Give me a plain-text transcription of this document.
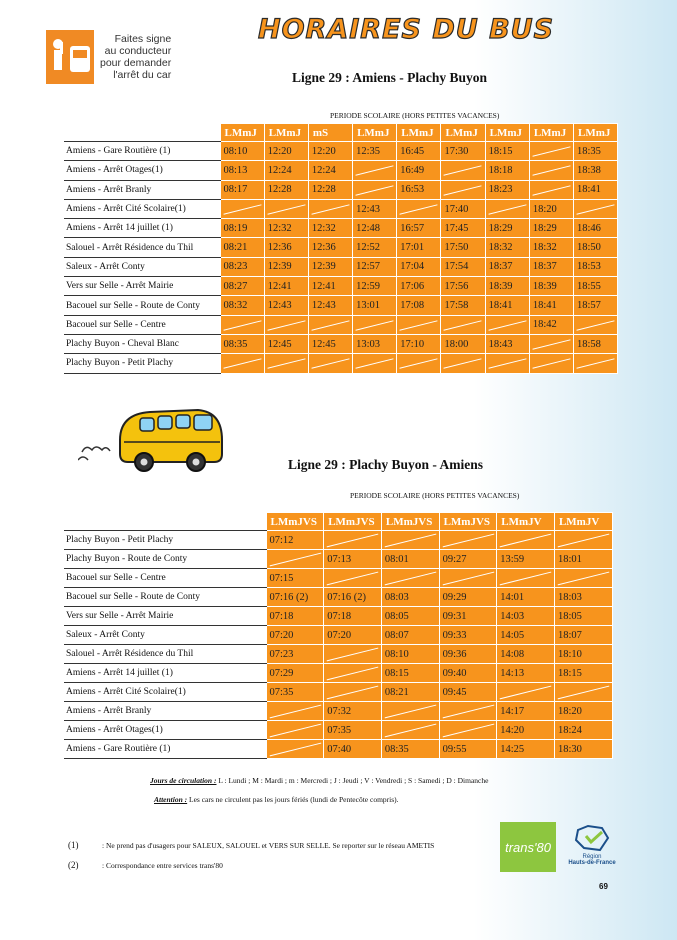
Faites signe
au conducteur
pour demander
l'arrêt du car
HORAIRES DU BUS
Ligne 29 : Amiens - Plachy Buyon
PERIODE SCOLAIRE (HORS PETITES VACANCES)
	LMmJ	LMmJ	mS	LMmJ	LMmJ	LMmJ	LMmJ	LMmJ	LMmJ
Amiens - Gare Routière (1)	08:10	12:20	12:20	12:35	16:45	17:30	18:15		18:35
Amiens - Arrêt Otages(1)	08:13	12:24	12:24		16:49		18:18		18:38
Amiens - Arrêt Branly	08:17	12:28	12:28		16:53		18:23		18:41
Amiens - Arrêt Cité Scolaire(1)				12:43		17:40		18:20	
Amiens - Arrêt 14 juillet (1)	08:19	12:32	12:32	12:48	16:57	17:45	18:29	18:29	18:46
Salouel - Arrêt Résidence du Thil	08:21	12:36	12:36	12:52	17:01	17:50	18:32	18:32	18:50
Saleux - Arrêt Conty	08:23	12:39	12:39	12:57	17:04	17:54	18:37	18:37	18:53
Vers sur Selle - Arrêt Mairie	08:27	12:41	12:41	12:59	17:06	17:56	18:39	18:39	18:55
Bacouel sur Selle - Route de Conty	08:32	12:43	12:43	13:01	17:08	17:58	18:41	18:41	18:57
Bacouel sur Selle - Centre								18:42	
Plachy Buyon - Cheval Blanc	08:35	12:45	12:45	13:03	17:10	18:00	18:43		18:58
Plachy Buyon - Petit Plachy									
Ligne 29 : Plachy Buyon - Amiens
PERIODE SCOLAIRE (HORS PETITES VACANCES)
	LMmJVS	LMmJVS	LMmJVS	LMmJVS	LMmJV	LMmJV
Plachy Buyon - Petit Plachy	07:12					
Plachy Buyon - Route de Conty		07:13	08:01	09:27	13:59	18:01
Bacouel sur Selle - Centre	07:15					
Bacouel sur Selle - Route de Conty	07:16 (2)	07:16 (2)	08:03	09:29	14:01	18:03
Vers sur Selle - Arrêt Mairie	07:18	07:18	08:05	09:31	14:03	18:05
Saleux - Arrêt Conty	07:20	07:20	08:07	09:33	14:05	18:07
Salouel - Arrêt Résidence du Thil	07:23		08:10	09:36	14:08	18:10
Amiens - Arrêt 14 juillet (1)	07:29		08:15	09:40	14:13	18:15
Amiens - Arrêt Cité Scolaire(1)	07:35		08:21	09:45		
Amiens - Arrêt Branly		07:32			14:17	18:20
Amiens - Arrêt Otages(1)		07:35			14:20	18:24
Amiens - Gare Routière (1)		07:40	08:35	09:55	14:25	18:30
Jours de circulation : L : Lundi ; M : Mardi ; m : Mercredi ; J : Jeudi ; V : Vendredi ; S : Samedi ; D : Dimanche
Attention : Les cars ne circulent pas les jours fériés (lundi de Pentecôte compris).
(1)	: Ne prend pas d'usagers pour SALEUX, SALOUEL et VERS SUR SELLE. Se reporter sur le réseau AMETIS
(2)	: Correspondance entre services trans'80
trans'80
Région
Hauts-de-France
69
